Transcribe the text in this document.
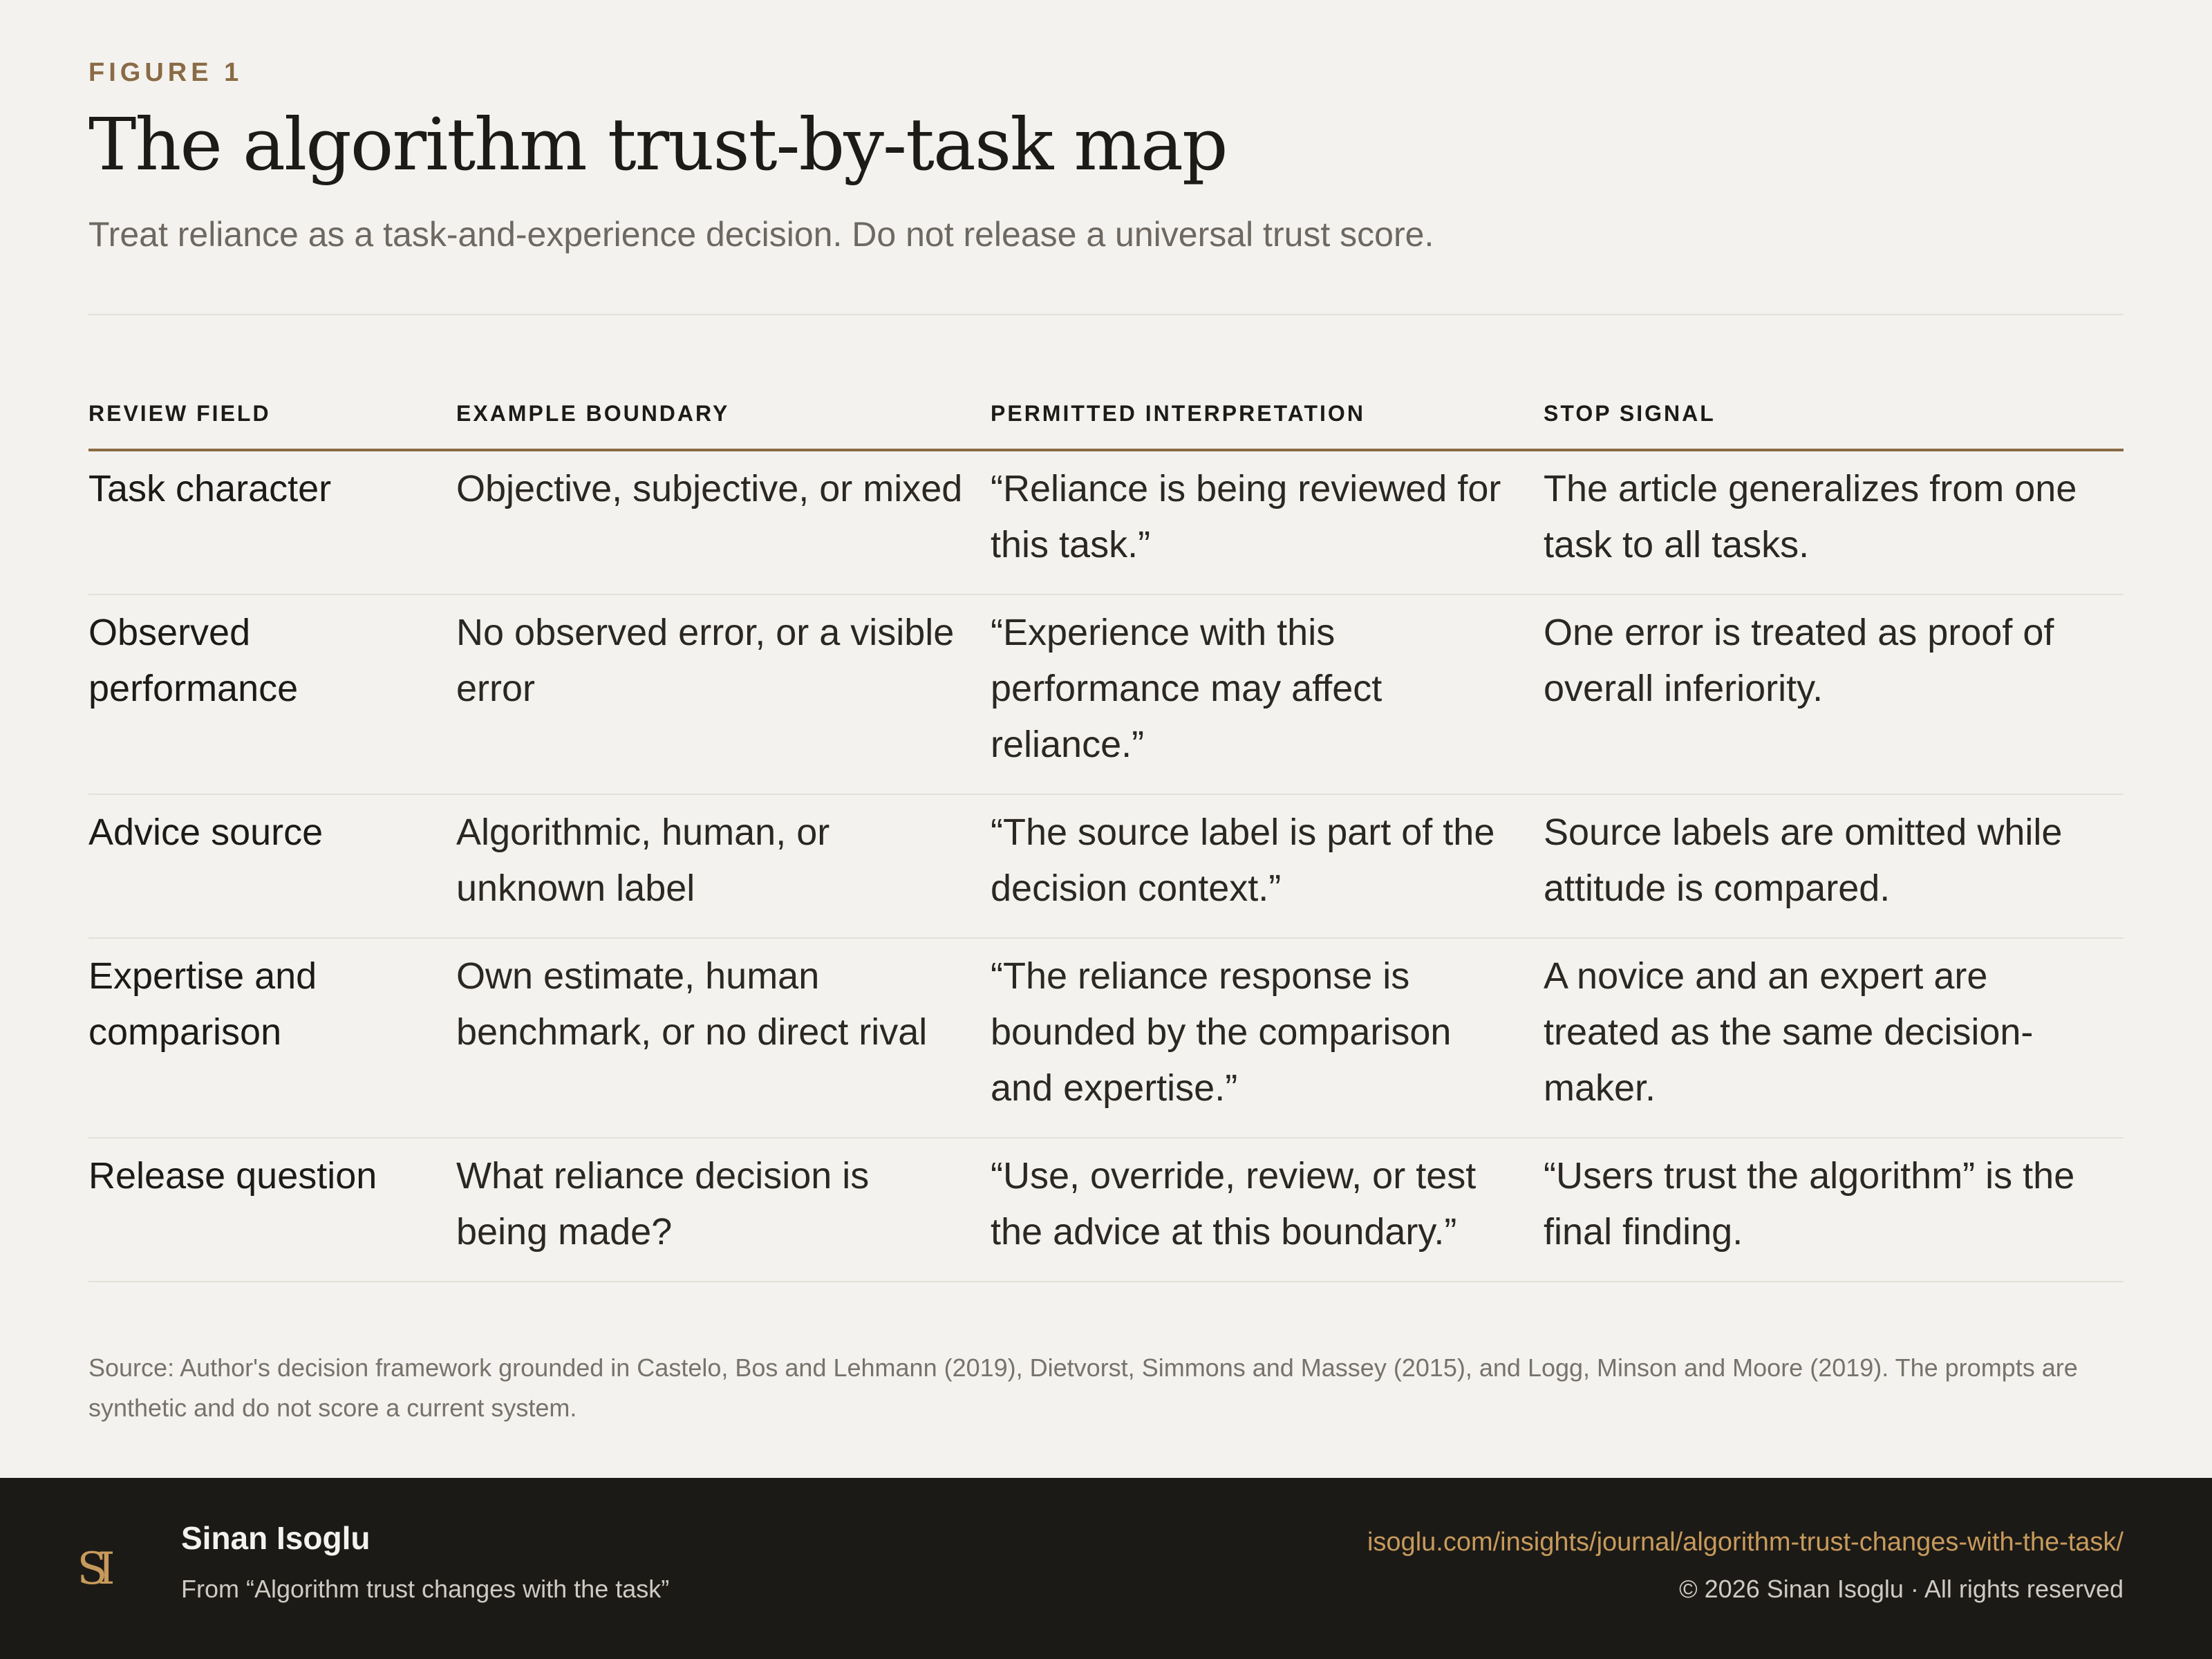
FIGURE 1
The algorithm trust-by-task map
Treat reliance as a task-and-experience decision. Do not release a universal trust score.
REVIEW FIELD	EXAMPLE BOUNDARY	PERMITTED INTERPRETATION	STOP SIGNAL
Task character	Objective, subjective, or mixed	“Reliance is being reviewed for this task.”	The article generalizes from one task to all tasks.
Observed performance	No observed error, or a visible error	“Experience with this performance may affect reliance.”	One error is treated as proof of overall inferiority.
Advice source	Algorithmic, human, or unknown label	“The source label is part of the decision context.”	Source labels are omitted while attitude is compared.
Expertise and comparison	Own estimate, human benchmark, or no direct rival	“The reliance response is bounded by the comparison and expertise.”	A novice and an expert are treated as the same decision-maker.
Release question	What reliance decision is being made?	“Use, override, review, or test the advice at this boundary.”	“Users trust the algorithm” is the final finding.
Source: Author's decision framework grounded in Castelo, Bos and Lehmann (2019), Dietvorst, Simmons and Massey (2015), and Logg, Minson and Moore (2019). The prompts are synthetic and do not score a current system.
SI
Sinan Isoglu
From “Algorithm trust changes with the task”
isoglu.com/insights/journal/algorithm-trust-changes-with-the-task/
© 2026 Sinan Isoglu · All rights reserved
